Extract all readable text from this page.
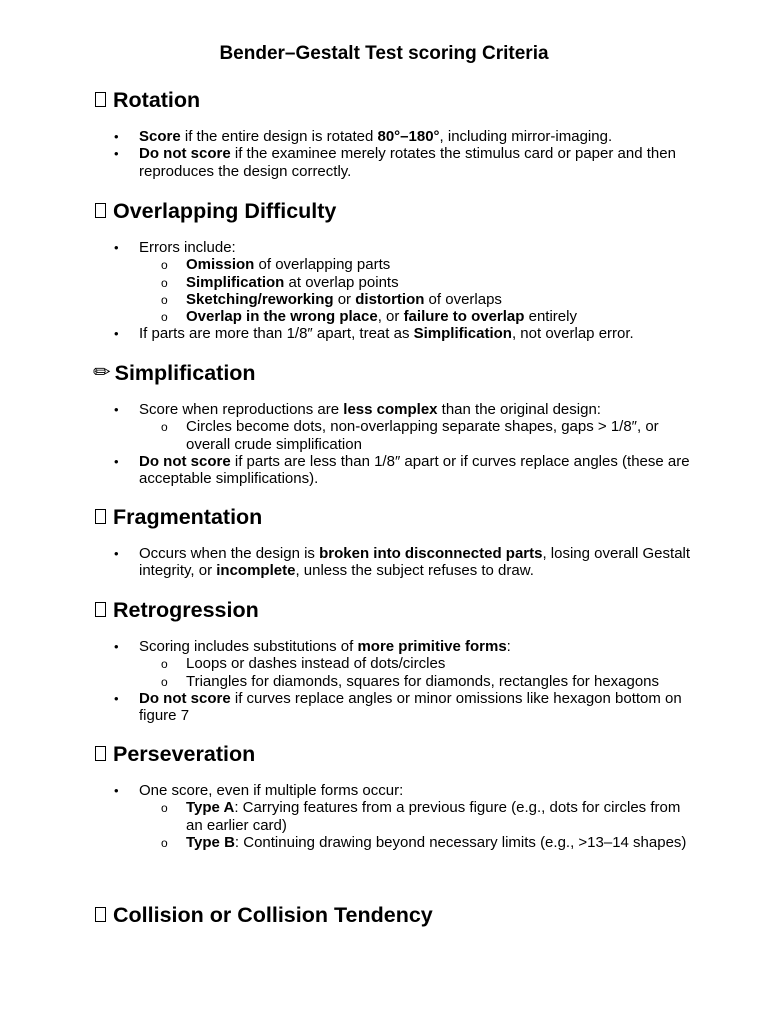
Bender–Gestalt Test scoring Criteria
Rotation
• Score if the entire design is rotated 80°–180°, including mirror-imaging.
• Do not score if the examinee merely rotates the stimulus card or paper and then reproduces the design correctly.
Overlapping Difficulty
• Errors include:
o Omission of overlapping parts
o Simplification at overlap points
o Sketching/reworking or distortion of overlaps
o Overlap in the wrong place, or failure to overlap entirely
• If parts are more than 1/8″ apart, treat as Simplification, not overlap error.
✏ Simplification
• Score when reproductions are less complex than the original design:
o Circles become dots, non-overlapping separate shapes, gaps > 1/8″, or overall crude simplification
• Do not score if parts are less than 1/8″ apart or if curves replace angles (these are acceptable simplifications).
Fragmentation
• Occurs when the design is broken into disconnected parts, losing overall Gestalt integrity, or incomplete, unless the subject refuses to draw.
Retrogression
• Scoring includes substitutions of more primitive forms:
o Loops or dashes instead of dots/circles
o Triangles for diamonds, squares for diamonds, rectangles for hexagons
• Do not score if curves replace angles or minor omissions like hexagon bottom on figure 7
Perseveration
• One score, even if multiple forms occur:
o Type A: Carrying features from a previous figure (e.g., dots for circles from an earlier card)
o Type B: Continuing drawing beyond necessary limits (e.g., >13–14 shapes)
Collision or Collision Tendency
